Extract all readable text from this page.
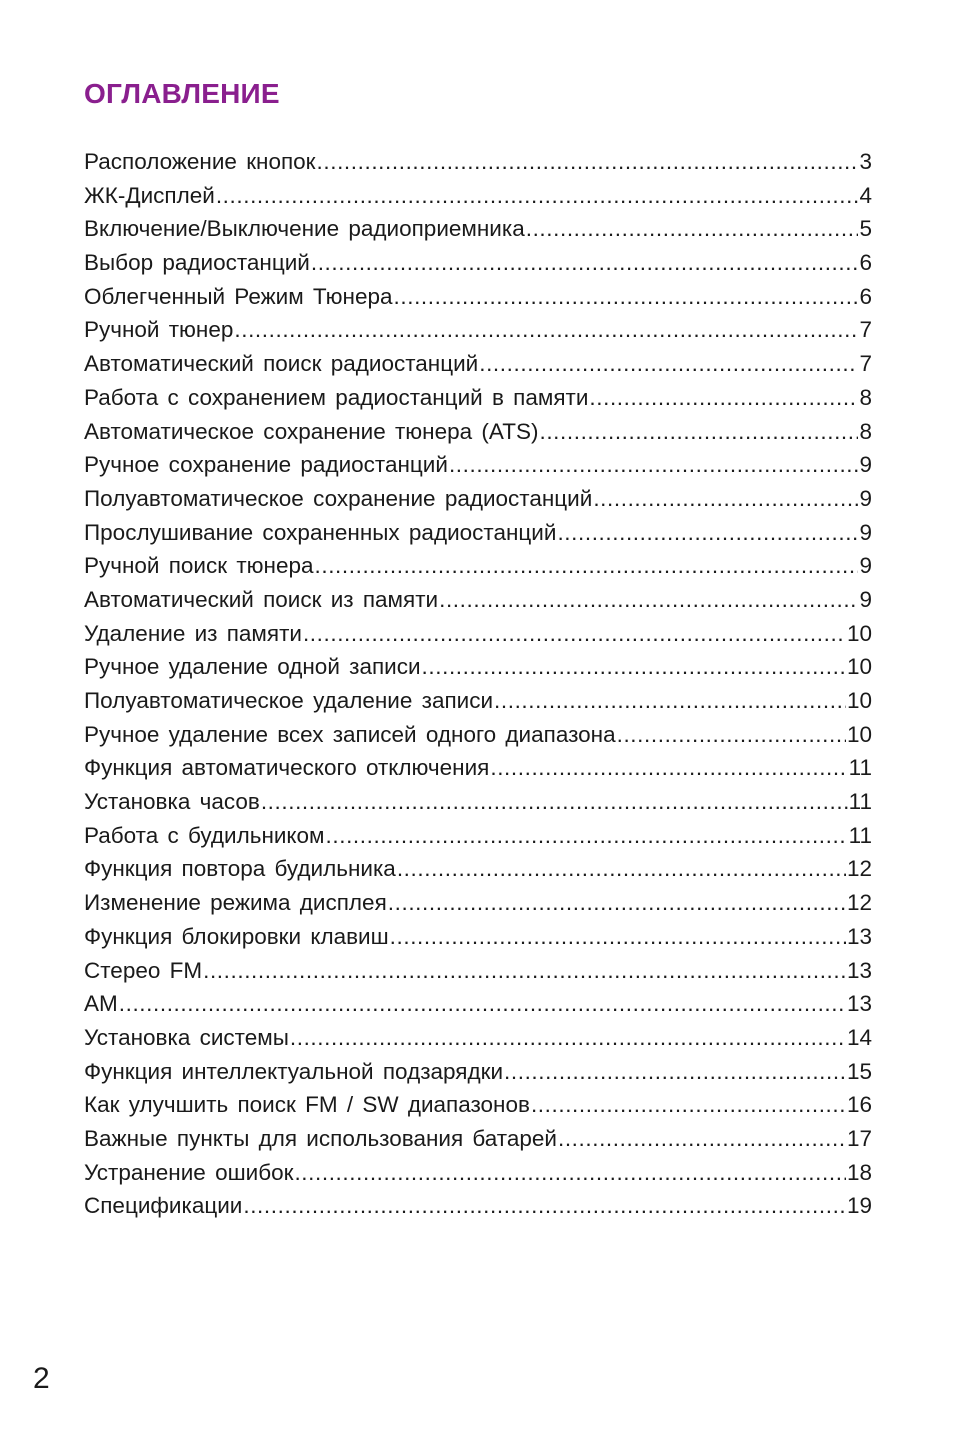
ОГЛАВЛЕНИЕ
Расположение кнопок .....	3
ЖК-Дисплей .....	4
Включение/Выключение радиоприемника .....	5
Выбор радиостанций .....	6
Облегченный Режим Тюнера .....	6
Ручной тюнер .....	7
Автоматический поиск радиостанций .....	7
Работа с сохранением радиостанций в памяти .....	8
Автоматическое сохранение тюнера (ATS) .....	8
Ручное сохранение радиостанций .....	9
Полуавтоматическое сохранение радиостанций .....	9
Прослушивание сохраненных радиостанций .....	9
Ручной поиск тюнера .....	9
Автоматический поиск из памяти .....	9
Удаление из памяти .....	10
Ручное удаление одной записи .....	10
Полуавтоматическое удаление записи .....	10
Ручное удаление всех записей одного диапазона .....	10
Функция автоматического отключения .....	11
Установка часов .....	11
Работа с будильником .....	11
Функция повтора будильника .....	12
Изменение режима дисплея .....	12
Функция блокировки клавиш .....	13
Стерео FM .....	13
AM .....	13
Установка системы .....	14
Функция интеллектуальной подзарядки .....	15
Как улучшить поиск FM / SW диапазонов .....	16
Важные пункты для использования батарей .....	17
Устранение ошибок .....	18
Спецификации .....	19
2
